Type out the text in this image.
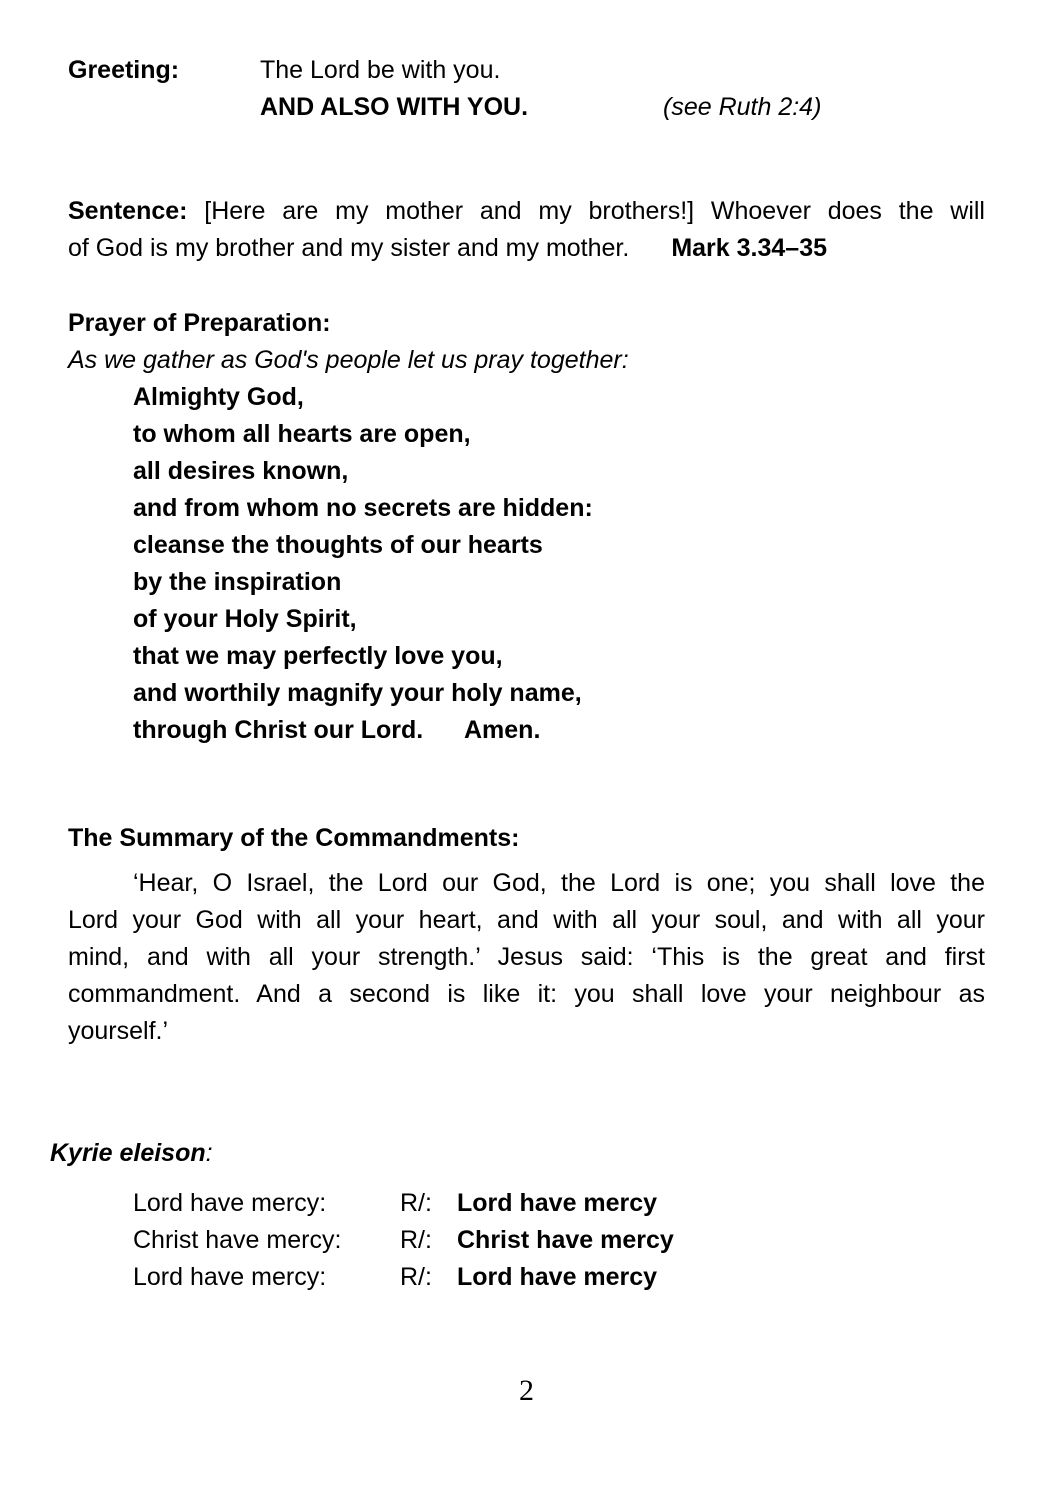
Greeting:	The Lord be with you.
AND ALSO WITH YOU.	(see Ruth 2:4)
Sentence: [Here are my mother and my brothers!] Whoever does the will
of God is my brother and my sister and my mother. Mark 3.34–35
Prayer of Preparation:
As we gather as God's people let us pray together:
Almighty God,
to whom all hearts are open,
all desires known,
and from whom no secrets are hidden:
cleanse the thoughts of our hearts
by the inspiration
of your Holy Spirit,
that we may perfectly love you,
and worthily magnify your holy name,
through Christ our Lord.      Amen.
The Summary of the Commandments:
‘Hear, O Israel, the Lord our God, the Lord is one; you shall love the
Lord your God with all your heart, and with all your soul, and with all your
mind, and with all your strength.’ Jesus said: ‘This is the great and first
commandment. And a second is like it: you shall love your neighbour as
yourself.’
Kyrie eleison:
Lord have mercy:	R/:	Lord have mercy
Christ have mercy:	R/:	Christ have mercy
Lord have mercy:	R/:	Lord have mercy
2
